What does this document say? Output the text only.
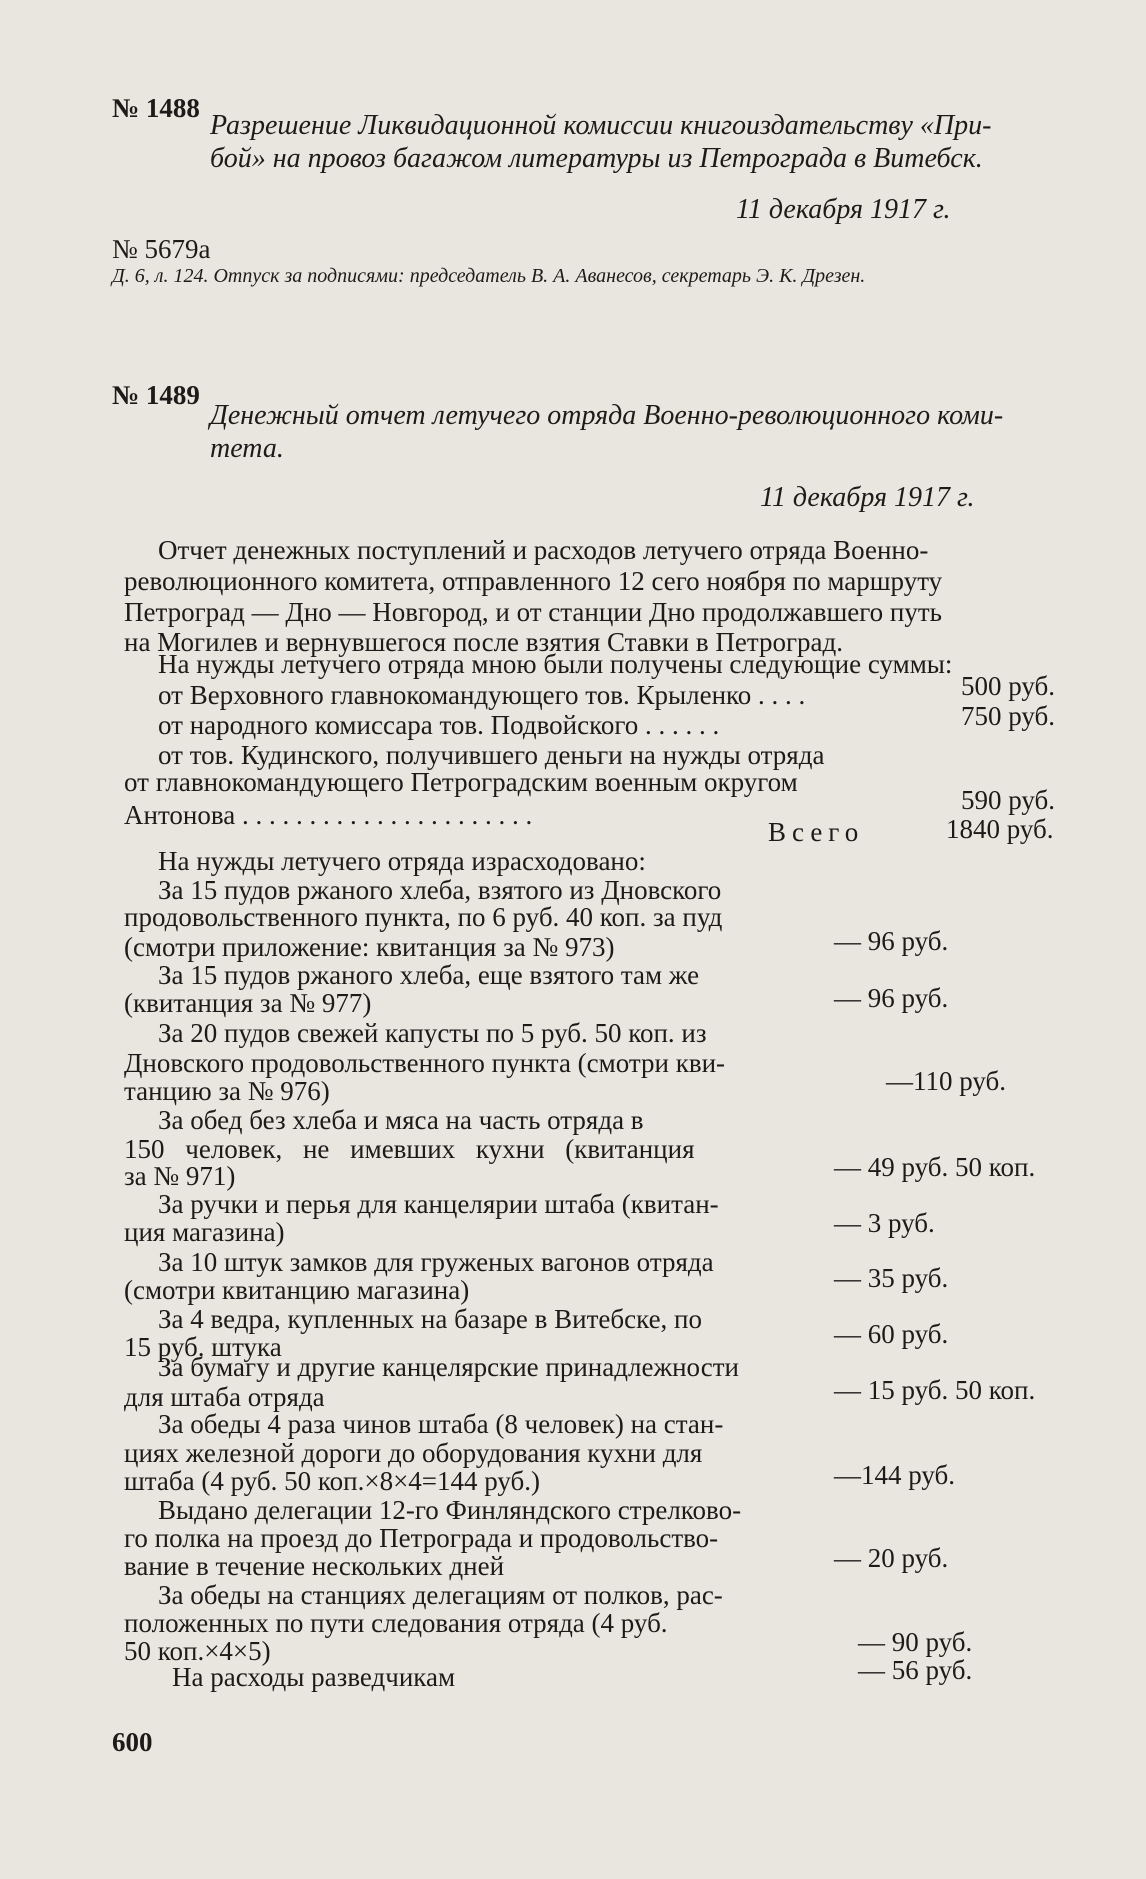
№ 1488
Разрешение Ликвидационной комиссии книгоиздательству «При-
бой» на провоз багажом литературы из Петрограда в Витебск.
11 декабря 1917 г.
№ 5679а
Д. 6, л. 124. Отпуск за подписями: председатель В. А. Аванесов, секретарь Э. К. Дрезен.
№ 1489
Денежный отчет летучего отряда Военно-революционного коми-
тета.
11 декабря 1917 г.
Отчет денежных поступлений и расходов летучего отряда Военно-
революционного комитета, отправленного 12 сего ноября по маршруту
Петроград — Дно — Новгород, и от станции Дно продолжавшего путь
на Могилев и вернувшегося после взятия Ставки в Петроград.
На нужды летучего отряда мною были получены следующие суммы:
от Верховного главнокомандующего тов. Крыленко . . . .	500 руб.
от народного комиссара тов. Подвойского . . . . . .	750 руб.
от тов. Кудинского, получившего деньги на нужды отряда
от главнокомандующего Петроградским военным округом
Антонова . . . . . . . . . . . . . . . . . . . . . .	590 руб.
Всего	1840 руб.
На нужды летучего отряда израсходовано:
За 15 пудов ржаного хлеба, взятого из Дновского
продовольственного пункта, по 6 руб. 40 коп. за пуд
(смотри приложение: квитанция за № 973)	— 96 руб.
За 15 пудов ржаного хлеба, еще взятого там же
(квитанция за № 977)	— 96 руб.
За 20 пудов свежей капусты по 5 руб. 50 коп. из
Дновского продовольственного пункта (смотри кви-
танцию за № 976)	—110 руб.
За обед без хлеба и мяса на часть отряда в
150 человек, не имевших кухни (квитанция
за № 971)	— 49 руб. 50 коп.
За ручки и перья для канцелярии штаба (квитан-
ция магазина)	— 3 руб.
За 10 штук замков для груженых вагонов отряда
(смотри квитанцию магазина)	— 35 руб.
За 4 ведра, купленных на базаре в Витебске, по
15 руб. штука	— 60 руб.
За бумагу и другие канцелярские принадлежности
для штаба отряда	— 15 руб. 50 коп.
За обеды 4 раза чинов штаба (8 человек) на стан-
циях железной дороги до оборудования кухни для
штаба (4 руб. 50 коп.×8×4=144 руб.)	—144 руб.
Выдано делегации 12-го Финляндского стрелково-
го полка на проезд до Петрограда и продовольство-
вание в течение нескольких дней	— 20 руб.
За обеды на станциях делегациям от полков, рас-
положенных по пути следования отряда (4 руб.
50 коп.×4×5)	— 90 руб.
На расходы разведчикам	— 56 руб.
600
